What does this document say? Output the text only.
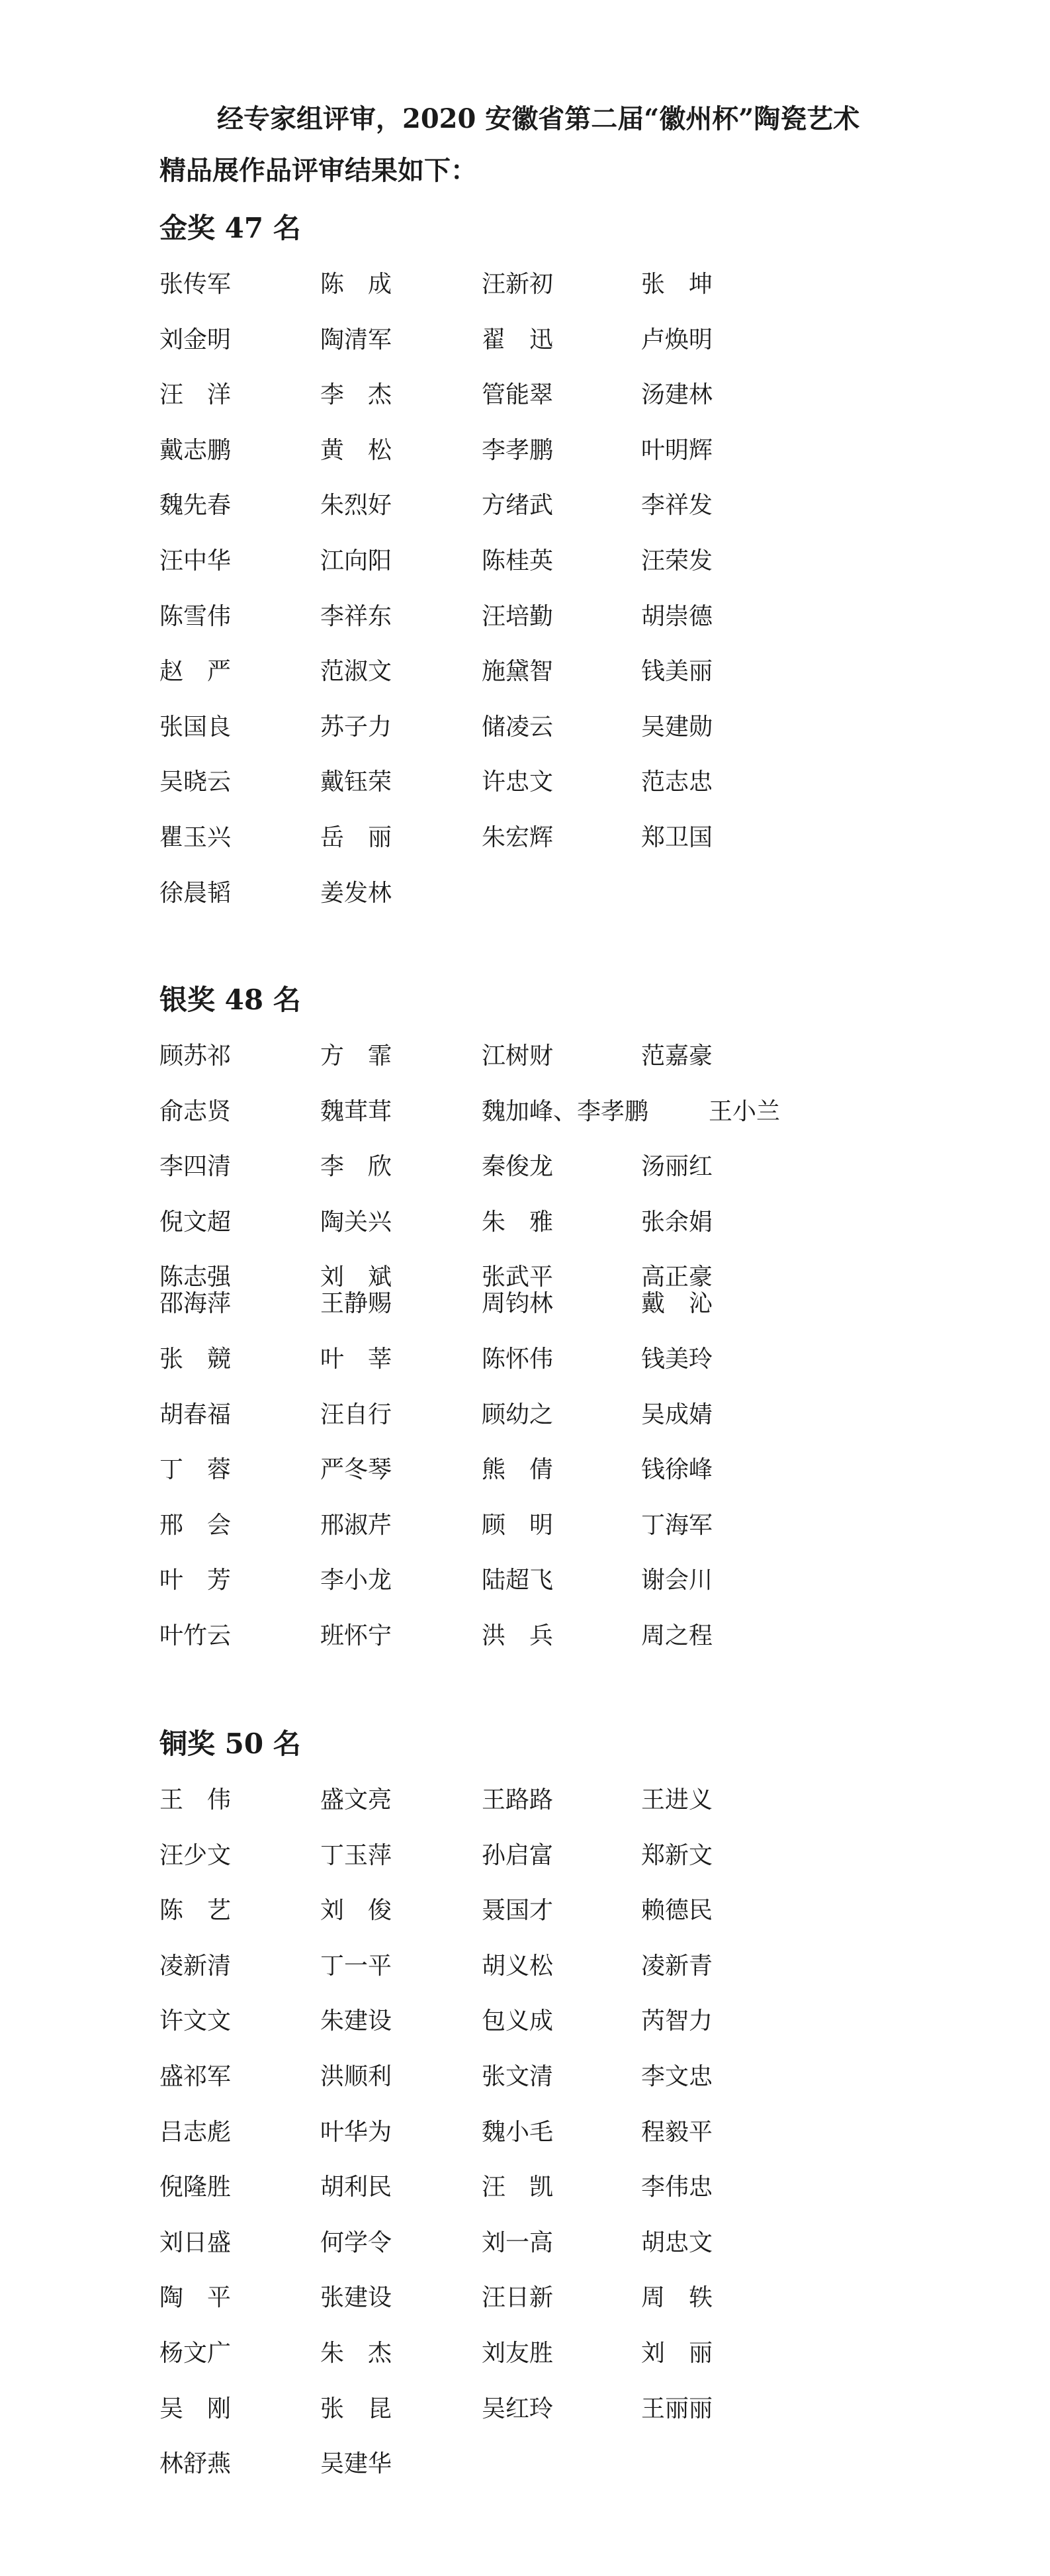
经专家组评审，2020 安徽省第二届“徽州杯”陶瓷艺术
精品展作品评审结果如下：
金奖 47 名
张传军	陈　成	汪新初	张　坤
刘金明	陶清军	翟　迅	卢焕明
汪　洋	李　杰	管能翠	汤建林
戴志鹏	黄　松	李孝鹏	叶明辉
魏先春	朱烈好	方绪武	李祥发
汪中华	江向阳	陈桂英	汪荣发
陈雪伟	李祥东	汪培勤	胡崇德
赵　严	范淑文	施黛智	钱美丽
张国良	苏子力	储凌云	吴建勋
吴晓云	戴钰荣	许忠文	范志忠
瞿玉兴	岳　丽	朱宏辉	郑卫国
徐晨韬	姜发林
银奖 48 名
顾苏祁	方　霏	江树财	范嘉豪
俞志贤	魏茸茸	魏加峰、李孝鹏	王小兰
李四清	李　欣	秦俊龙	汤丽红
倪文超	陶关兴	朱　雅	张余娟
陈志强	刘　斌	张武平	高正豪
邵海萍	王静赐	周钧林	戴　沁
张　競	叶　莘	陈怀伟	钱美玲
胡春福	汪自行	顾幼之	吴成婧
丁　蓉	严冬琴	熊　倩	钱徐峰
邢　会	邢淑芹	顾　明	丁海军
叶　芳	李小龙	陆超飞	谢会川
叶竹云	班怀宁	洪　兵	周之程
铜奖 50 名
王　伟	盛文亮	王路路	王进义
汪少文	丁玉萍	孙启富	郑新文
陈　艺	刘　俊	聂国才	赖德民
凌新清	丁一平	胡义松	凌新青
许文文	朱建设	包义成	芮智力
盛祁军	洪顺利	张文清	李文忠
吕志彪	叶华为	魏小毛	程毅平
倪隆胜	胡利民	汪　凯	李伟忠
刘日盛	何学令	刘一高	胡忠文
陶　平	张建设	汪日新	周　轶
杨文广	朱　杰	刘友胜	刘　丽
吴　刚	张　昆	吴红玲	王丽丽
林舒燕	吴建华
